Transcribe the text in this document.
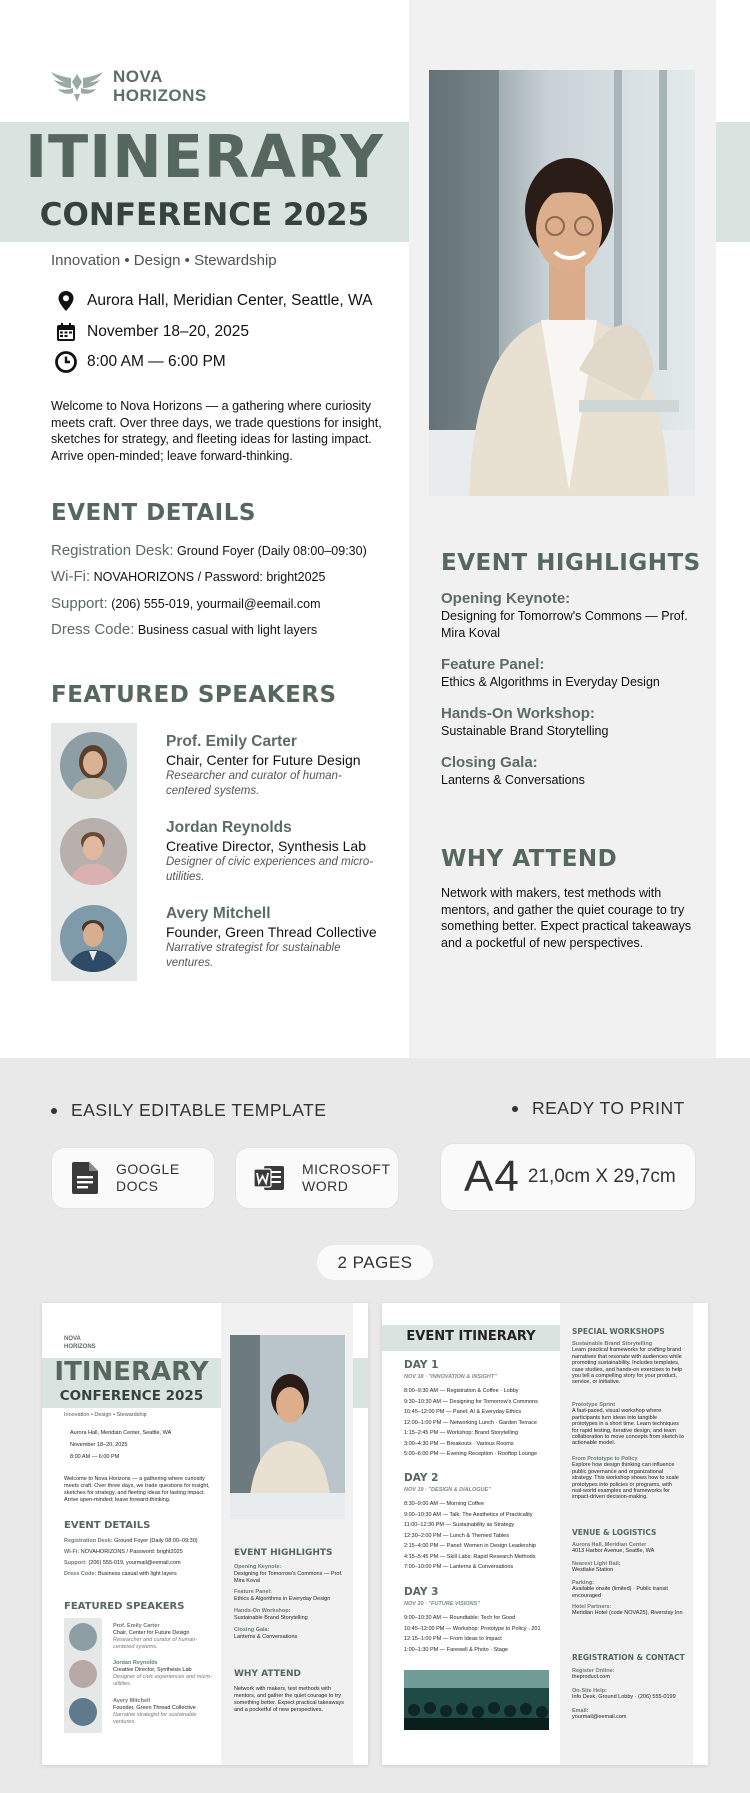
NOVA
HORIZONS
ITINERARY
CONFERENCE 2025
Innovation • Design • Stewardship
Aurora Hall, Meridian Center, Seattle, WA
November 18–20, 2025
8:00 AM — 6:00 PM

Welcome to Nova Horizons — a gathering where curiosity meets craft. Over three days, we trade questions for insight, sketches for strategy, and fleeting ideas for lasting impact. Arrive open-minded; leave forward-thinking.

EVENT DETAILS
Registration Desk: Ground Foyer (Daily 08:00–09:30)
Wi-Fi: NOVAHORIZONS / Password: bright2025
Support: (206) 555-019, yourmail@eemail.com
Dress Code: Business casual with light layers
FEATURED SPEAKERS
Prof. Emily Carter
Chair, Center for Future Design
Researcher and curator of human-centered systems.
Jordan Reynolds
Creative Director, Synthesis Lab
Designer of civic experiences and micro-utilities.
Avery Mitchell
Founder, Green Thread Collective
Narrative strategist for sustainable ventures.
EVENT HIGHLIGHTS
Opening Keynote:
Designing for Tomorrow's Commons — Prof. Mira Koval
Feature Panel:
Ethics & Algorithms in Everyday Design
Hands-On Workshop:
Sustainable Brand Storytelling
Closing Gala:
Lanterns & Conversations
WHY ATTEND

Network with makers, test methods with mentors, and gather the quiet courage to try something better. Expect practical takeaways and a pocketful of new perspectives.

EASILY EDITABLE TEMPLATE	READY TO PRINT
GOOGLE
DOCS
MICROSOFT
WORD	A4 21,0cm X 29,7cm
2 PAGES
NOVA
HORIZONS
ITINERARY
CONFERENCE 2025
Innovation • Design • Stewardship
Aurora Hall, Meridian Center, Seattle, WA
November 18–20, 2025
8:00 AM — 6:00 PM
Welcome to Nova Horizons — a gathering where curiosity meets craft. Over three days, we trade questions for insight, sketches for strategy, and fleeting ideas for lasting impact. Arrive open-minded; leave forward-thinking.
EVENT DETAILS
Registration Desk: Ground Foyer (Daily 08:00–09:30)
Wi-Fi: NOVAHORIZONS / Password: bright2025
Support: (206) 555-019, yourmail@eemail.com
Dress Code: Business casual with light layers
FEATURED SPEAKERS
Prof. Emily Carter
Chair, Center for Future Design
Researcher and curator of human-centered systems.
Jordan Reynolds
Creative Director, Synthesis Lab
Designer of civic experiences and micro-utilities.
Avery Mitchell
Founder, Green Thread Collective
Narrative strategist for sustainable ventures.
EVENT HIGHLIGHTS
Opening Keynote:
Designing for Tomorrow's Commons — Prof. Mira Koval
Feature Panel:
Ethics & Algorithms in Everyday Design
Hands-On Workshop:
Sustainable Brand Storytelling
Closing Gala:
Lanterns & Conversations
WHY ATTEND
Network with makers, test methods with mentors, and gather the quiet courage to try something better. Expect practical takeaways and a pocketful of new perspectives.
EVENT ITINERARY
DAY 1
NOV 18 · "INNOVATION & INSIGHT"
8:00–9:30 AM — Registration & Coffee · Lobby
9:30–10:30 AM — Designing for Tomorrow's Commons
10:45–12:00 PM — Panel: AI & Everyday Ethics
12:00–1:00 PM — Networking Lunch · Garden Terrace
1:15–2:45 PM — Workshop: Brand Storytelling
3:00–4:30 PM — Breakouts · Various Rooms
5:00–6:00 PM — Evening Reception · Rooftop Lounge
DAY 2
NOV 19 · "DESIGN & DIALOGUE"
8:30–9:00 AM — Morning Coffee
9:00–10:30 AM — Talk: The Aesthetics of Practicality
11:00–12:30 PM — Sustainability as Strategy
12:30–2:00 PM — Lunch & Themed Tables
2:15–4:00 PM — Panel: Women in Design Leadership
4:15–5:45 PM — Skill Labs: Rapid Research Methods
7:00–10:00 PM — Lanterns & Conversations
DAY 3
NOV 20 · "FUTURE VISIONS"
9:00–10:30 AM — Roundtable: Tech for Good
10:45–12:00 PM — Workshop: Prototype to Policy · 201
12:15–1:00 PM — From Ideas to Impact
1:00–1:30 PM — Farewell & Photo · Stage
SPECIAL WORKSHOPS
Sustainable Brand Storytelling
Learn practical frameworks for crafting brand narratives that resonate with audiences while promoting sustainability. Includes templates, case studies, and hands-on exercises to help you tell a compelling story for your product, service, or initiative.
Prototype Sprint
A fast-paced, visual workshop where participants turn ideas into tangible prototypes in a short time. Learn techniques for rapid testing, iterative design, and team collaboration to move concepts from sketch to actionable model.
From Prototype to Policy
Explore how design thinking can influence public governance and organizational strategy. This workshop shows how to scale prototypes into policies or programs, with real-world examples and frameworks for impact-driven decision-making.
VENUE & LOGISTICS
Aurora Hall, Meridian Center
4013 Harbor Avenue, Seattle, WA
Nearest Light Rail:
Westlake Station
Parking:
Available onsite (limited) · Public transit encouraged
Hotel Partners:
Meridian Hotel (code NOVA25), Riverstay Inn
REGISTRATION & CONTACT
Register Online:
theproduct.com
On-Site Help:
Info Desk, Ground Lobby · (206) 555-0199
Email:
yourmail@eemail.com
